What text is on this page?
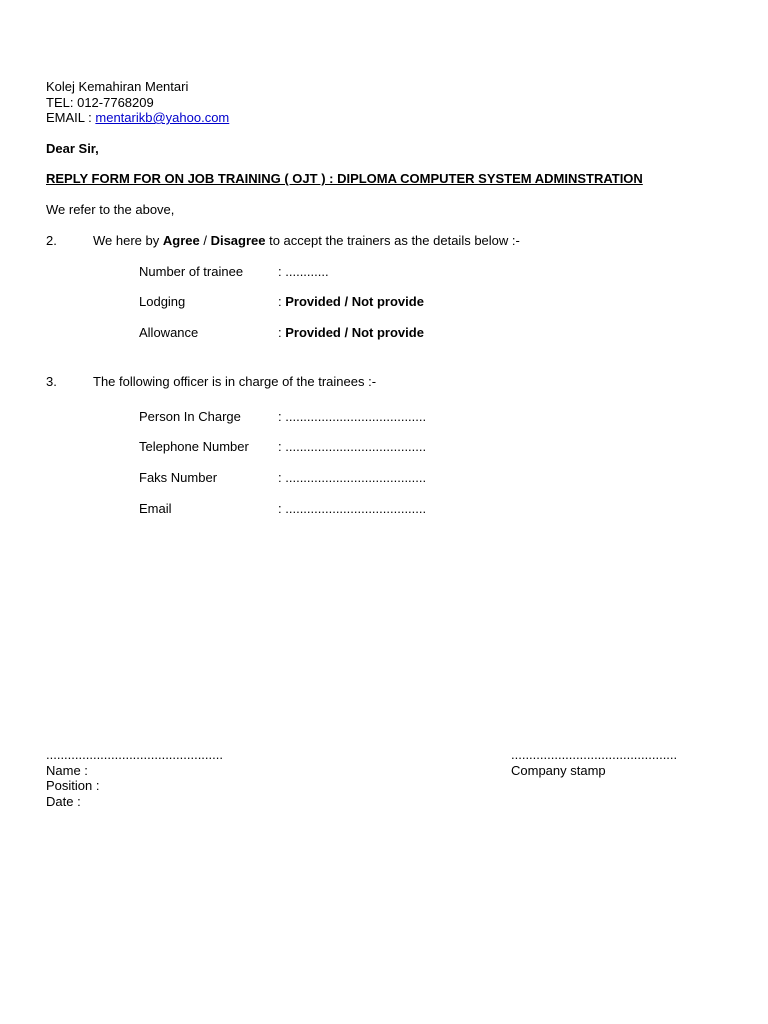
Kolej Kemahiran Mentari
TEL: 012-7768209
EMAIL : mentarikb@yahoo.com
Dear Sir,
REPLY FORM FOR ON JOB TRAINING ( OJT ) : DIPLOMA COMPUTER SYSTEM ADMINSTRATION
We refer to the above,
2.	We here by Agree / Disagree to accept the trainers as the details below :-
Number of trainee	: ............
Lodging	: Provided / Not provide
Allowance	: Provided / Not provide
3.	The following officer is in charge of the trainees :-
Person In Charge	: .......................................
Telephone Number : .......................................
Faks Number	: .......................................
Email	: .......................................
.................................................
Name :
Position :
Date :
..............................................
Company stamp
